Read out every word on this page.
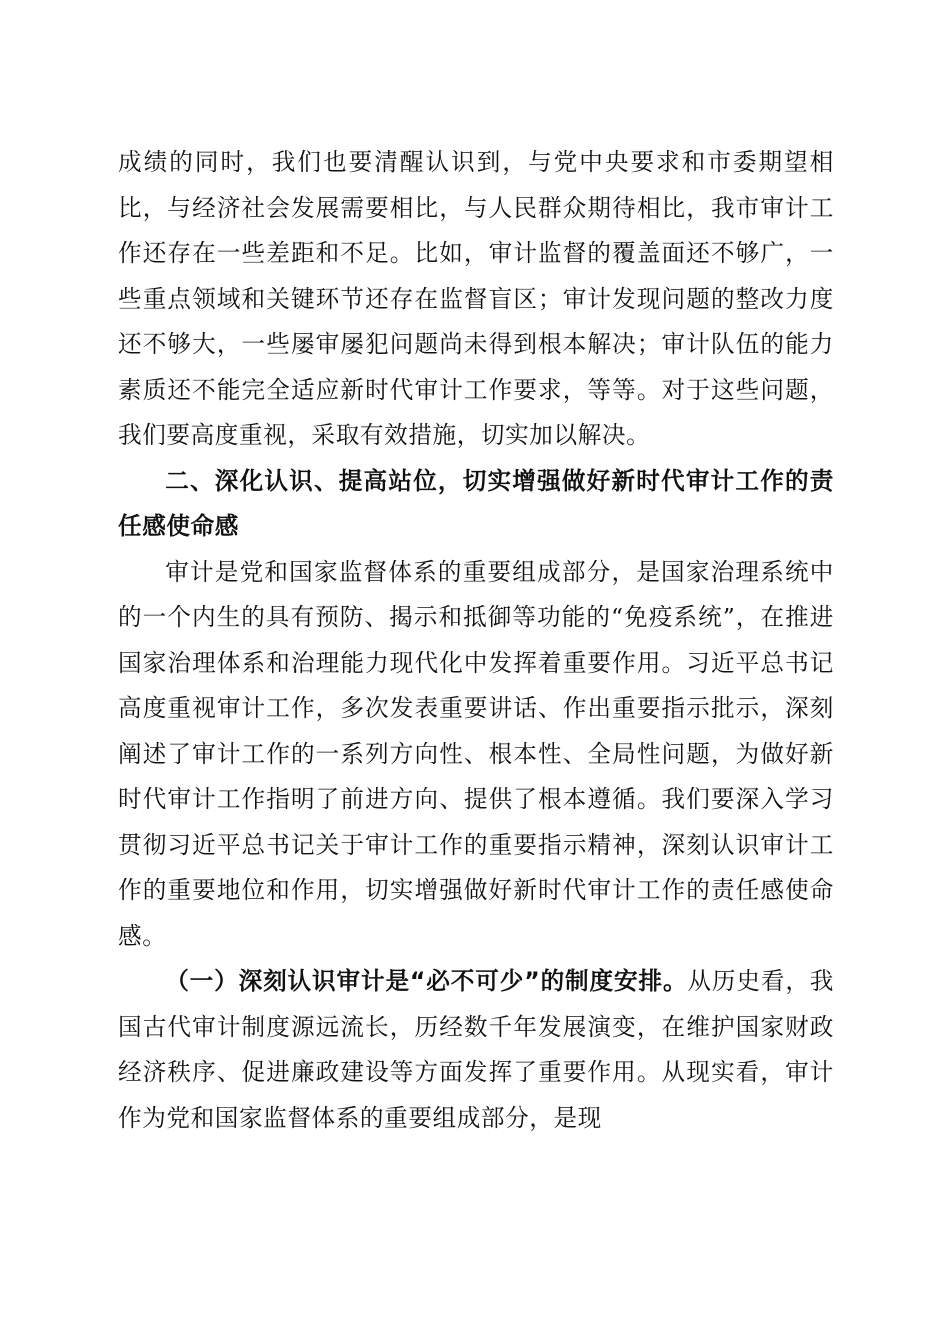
成绩的同时，我们也要清醒认识到，与党中央要求和市委期望相比，与经济社会发展需要相比，与人民群众期待相比，我市审计工作还存在一些差距和不足。比如，审计监督的覆盖面还不够广，一些重点领域和关键环节还存在监督盲区；审计发现问题的整改力度还不够大，一些屡审屡犯问题尚未得到根本解决；审计队伍的能力素质还不能完全适应新时代审计工作要求，等等。对于这些问题，我们要高度重视，采取有效措施，切实加以解决。

二、深化认识、提高站位，切实增强做好新时代审计工作的责任感使命感

审计是党和国家监督体系的重要组成部分，是国家治理系统中的一个内生的具有预防、揭示和抵御等功能的“免疫系统”，在推进国家治理体系和治理能力现代化中发挥着重要作用。习近平总书记高度重视审计工作，多次发表重要讲话、作出重要指示批示，深刻阐述了审计工作的一系列方向性、根本性、全局性问题，为做好新时代审计工作指明了前进方向、提供了根本遵循。我们要深入学习贯彻习近平总书记关于审计工作的重要指示精神，深刻认识审计工作的重要地位和作用，切实增强做好新时代审计工作的责任感使命感。

（一）深刻认识审计是“必不可少”的制度安排。从历史看，我国古代审计制度源远流长，历经数千年发展演变，在维护国家财政经济秩序、促进廉政建设等方面发挥了重要作用。从现实看，审计作为党和国家监督体系的重要组成部分，是现
